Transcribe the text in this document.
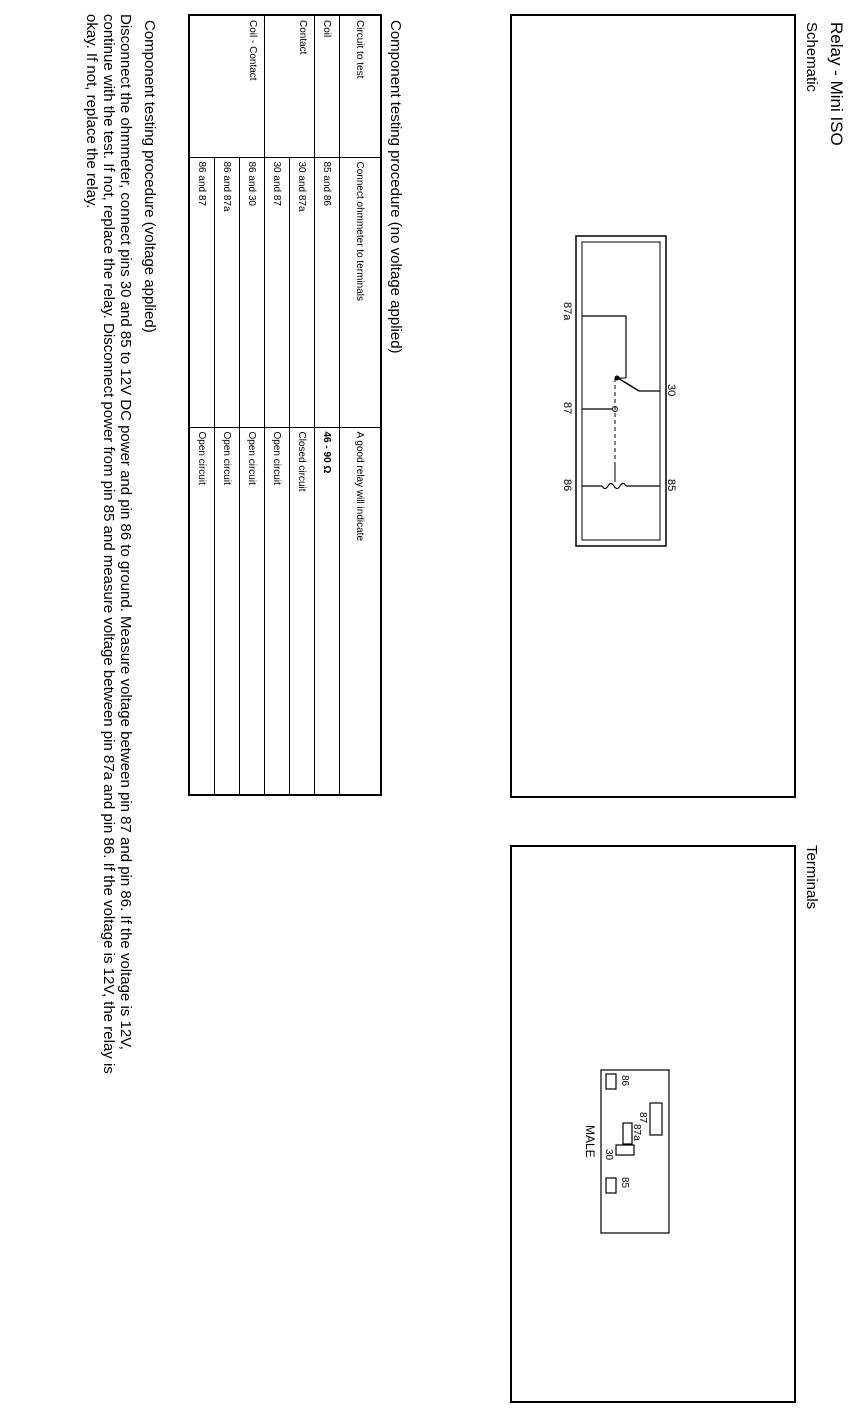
Relay - Mini ISO
Schematic
30
85
87a
87
86
Terminals
87
86
85
87a
30
MALE
Component testing procedure (no voltage applied)
Circuit to test	Connect ohmmeter to terminals	A good relay will indicate
Coil	85 and 86	46 - 90 Ω
Contact	30 and 87a	Closed circuit
	30 and 87	Open circuit
Coil - Contact	86 and 30	Open circuit
	86 and 87a	Open circuit
	86 and 87	Open circuit
Component testing procedure (voltage applied)
Disconnect the ohmmeter, connect pins 30 and 85 to 12V DC power and pin 86 to ground. Measure voltage between pin 87 and pin 86. If the voltage is 12V, continue with the test. If not, replace the relay. Disconnect power from pin 85 and measure voltage between pin 87a and pin 86. If the voltage is 12V, the relay is okay. If not, replace the relay.
